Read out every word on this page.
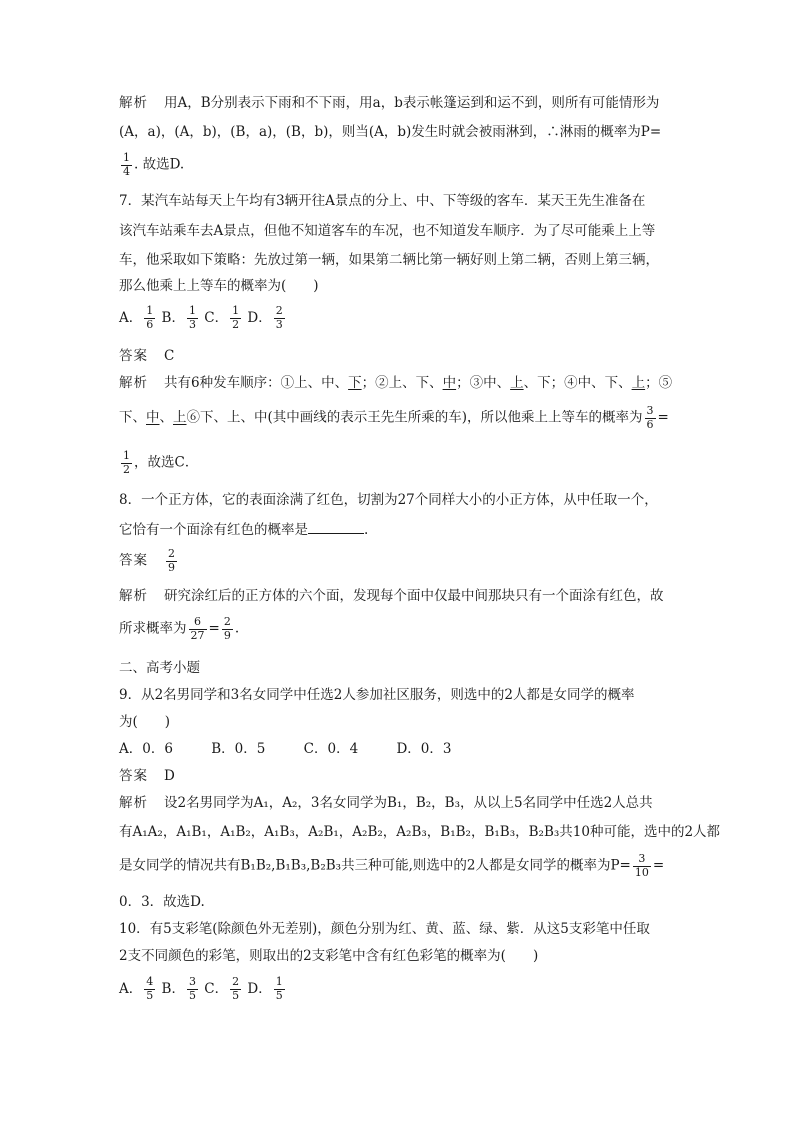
解析 用A，B分别表示下雨和不下雨，用a，b表示帐篷运到和运不到，则所有可能情形为
(A，a)，(A，b)，(B，a)，(B，b)，则当(A，b)发生时就会被雨淋到，∴淋雨的概率为P=
$\frac{1}{4}$ . 故选D.
7．某汽车站每天上午均有3辆开往A景点的分上、中、下等级的客车．某天王先生准备在
该汽车站乘车去A景点，但他不知道客车的车况，也不知道发车顺序．为了尽可能乘上上等
车，他采取如下策略：先放过第一辆，如果第二辆比第一辆好则上第二辆，否则上第三辆，
那么他乘上上等车的概率为(　　)
A． $\frac{1}{6}$ B． $\frac{1}{3}$ C． $\frac{1}{2}$ D． $\frac{2}{3}$
答案 C
解析 共有6种发车顺序：①上、中、下；②上、下、中；③中、上、下；④中、下、上；⑤
下、中、上⑥下、上、中(其中画线的表示王先生所乘的车)，所以他乘上上等车的概率为 $\frac{3}{6}$ =
$\frac{1}{2}$ ，故选C．
8．一个正方体，它的表面涂满了红色，切割为27个同样大小的小正方体，从中任取一个，
它恰有一个面涂有红色的概率是	.
答案 $\frac{2}{9}$
解析 研究涂红后的正方体的六个面，发现每个面中仅最中间那块只有一个面涂有红色，故
所求概率为 $\frac{6}{27} = \frac{2}{9}$ .
二、高考小题
9．从2名男同学和3名女同学中任选2人参加社区服务，则选中的2人都是女同学的概率
为(　　)
A．0．6	B．0．5	C．0．4	D．0．3
答案 D
解析 设2名男同学为A₁，A₂，3名女同学为B₁，B₂，B₃，从以上5名同学中任选2人总共
有A₁A₂，A₁B₁，A₁B₂，A₁B₃，A₂B₁，A₂B₂，A₂B₃，B₁B₂，B₁B₃，B₂B₃共10种可能，选中的2人都
是女同学的情况共有B₁B₂,B₁B₃,B₂B₃共三种可能,则选中的2人都是女同学的概率为$P= \frac{3}{10}$ =
0．3．故选D.
10．有5支彩笔(除颜色外无差别)，颜色分别为红、黄、蓝、绿、紫．从这5支彩笔中任取
2支不同颜色的彩笔，则取出的2支彩笔中含有红色彩笔的概率为(　　)
A． $\frac{4}{5}$ B． $\frac{3}{5}$ C． $\frac{2}{5}$ D． $\frac{1}{5}$
